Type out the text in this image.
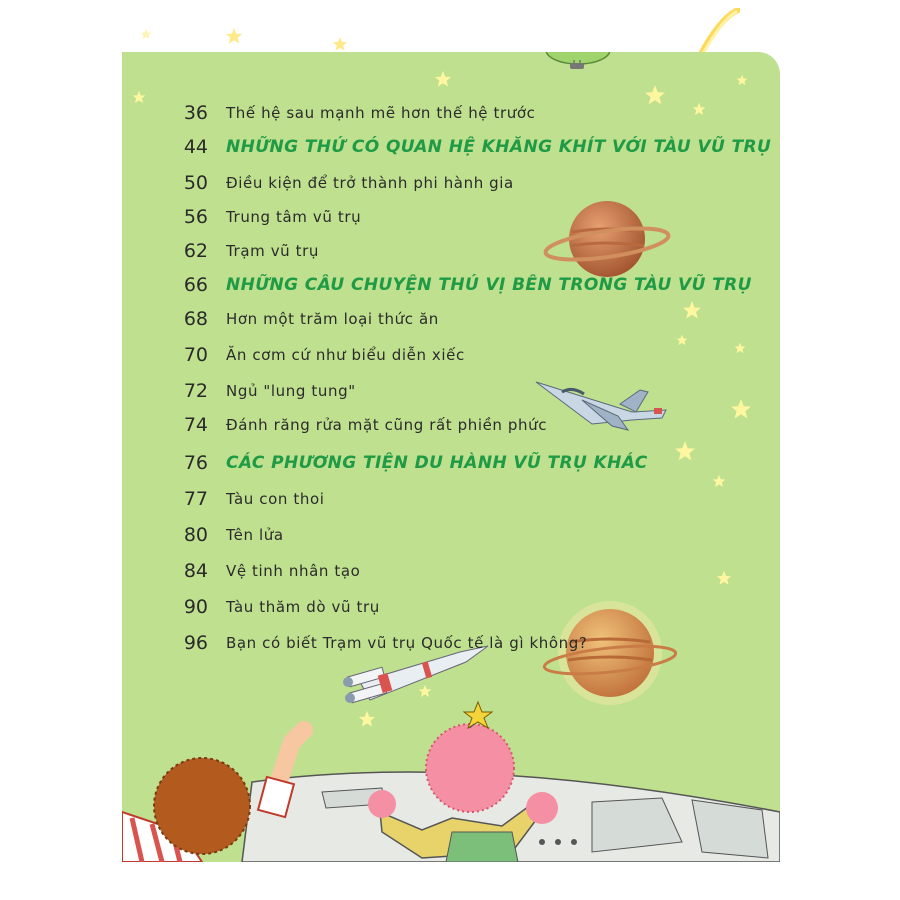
36	Thế hệ sau mạnh mẽ hơn thế hệ trước
44	NHỮNG THỨ CÓ QUAN HỆ KHĂNG KHÍT VỚI TÀU VŨ TRỤ
50	Điều kiện để trở thành phi hành gia
56	Trung tâm vũ trụ
62	Trạm vũ trụ
66	NHỮNG CÂU CHUYỆN THÚ VỊ BÊN TRONG TÀU VŨ TRỤ
68	Hơn một trăm loại thức ăn
70	Ăn cơm cứ như biểu diễn xiếc
72	Ngủ "lung tung"
74	Đánh răng rửa mặt cũng rất phiền phức
76	CÁC PHƯƠNG TIỆN DU HÀNH VŨ TRỤ KHÁC
77	Tàu con thoi
80	Tên lửa
84	Vệ tinh nhân tạo
90	Tàu thăm dò vũ trụ
96	Bạn có biết Trạm vũ trụ Quốc tế là gì không?
